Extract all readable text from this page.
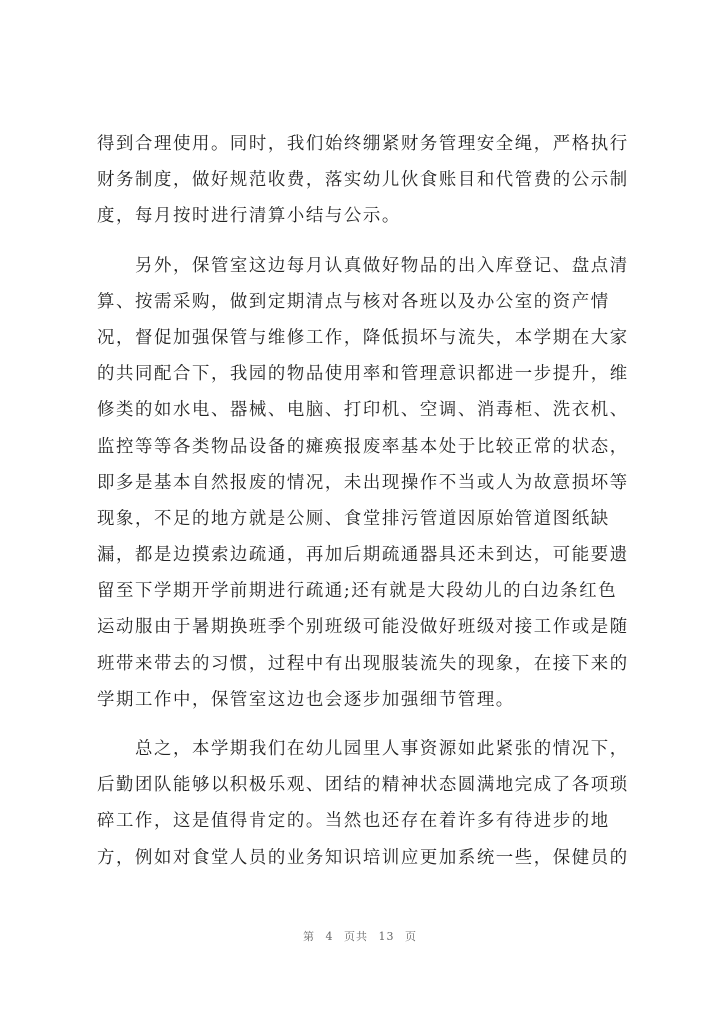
得到合理使用。同时，我们始终绷紧财务管理安全绳，严格执行
财务制度，做好规范收费，落实幼儿伙食账目和代管费的公示制
度，每月按时进行清算小结与公示。
　　另外，保管室这边每月认真做好物品的出入库登记、盘点清
算、按需采购，做到定期清点与核对各班以及办公室的资产情
况，督促加强保管与维修工作，降低损坏与流失，本学期在大家
的共同配合下，我园的物品使用率和管理意识都进一步提升，维
修类的如水电、器械、电脑、打印机、空调、消毒柜、洗衣机、
监控等等各类物品设备的瘫痪报废率基本处于比较正常的状态，
即多是基本自然报废的情况，未出现操作不当或人为故意损坏等
现象，不足的地方就是公厕、食堂排污管道因原始管道图纸缺
漏，都是边摸索边疏通，再加后期疏通器具还未到达，可能要遗
留至下学期开学前期进行疏通;还有就是大段幼儿的白边条红色
运动服由于暑期换班季个别班级可能没做好班级对接工作或是随
班带来带去的习惯，过程中有出现服装流失的现象，在接下来的
学期工作中，保管室这边也会逐步加强细节管理。
　　总之，本学期我们在幼儿园里人事资源如此紧张的情况下，
后勤团队能够以积极乐观、团结的精神状态圆满地完成了各项琐
碎工作，这是值得肯定的。当然也还存在着许多有待进步的地
方，例如对食堂人员的业务知识培训应更加系统一些，保健员的
第 4 页共 13 页
